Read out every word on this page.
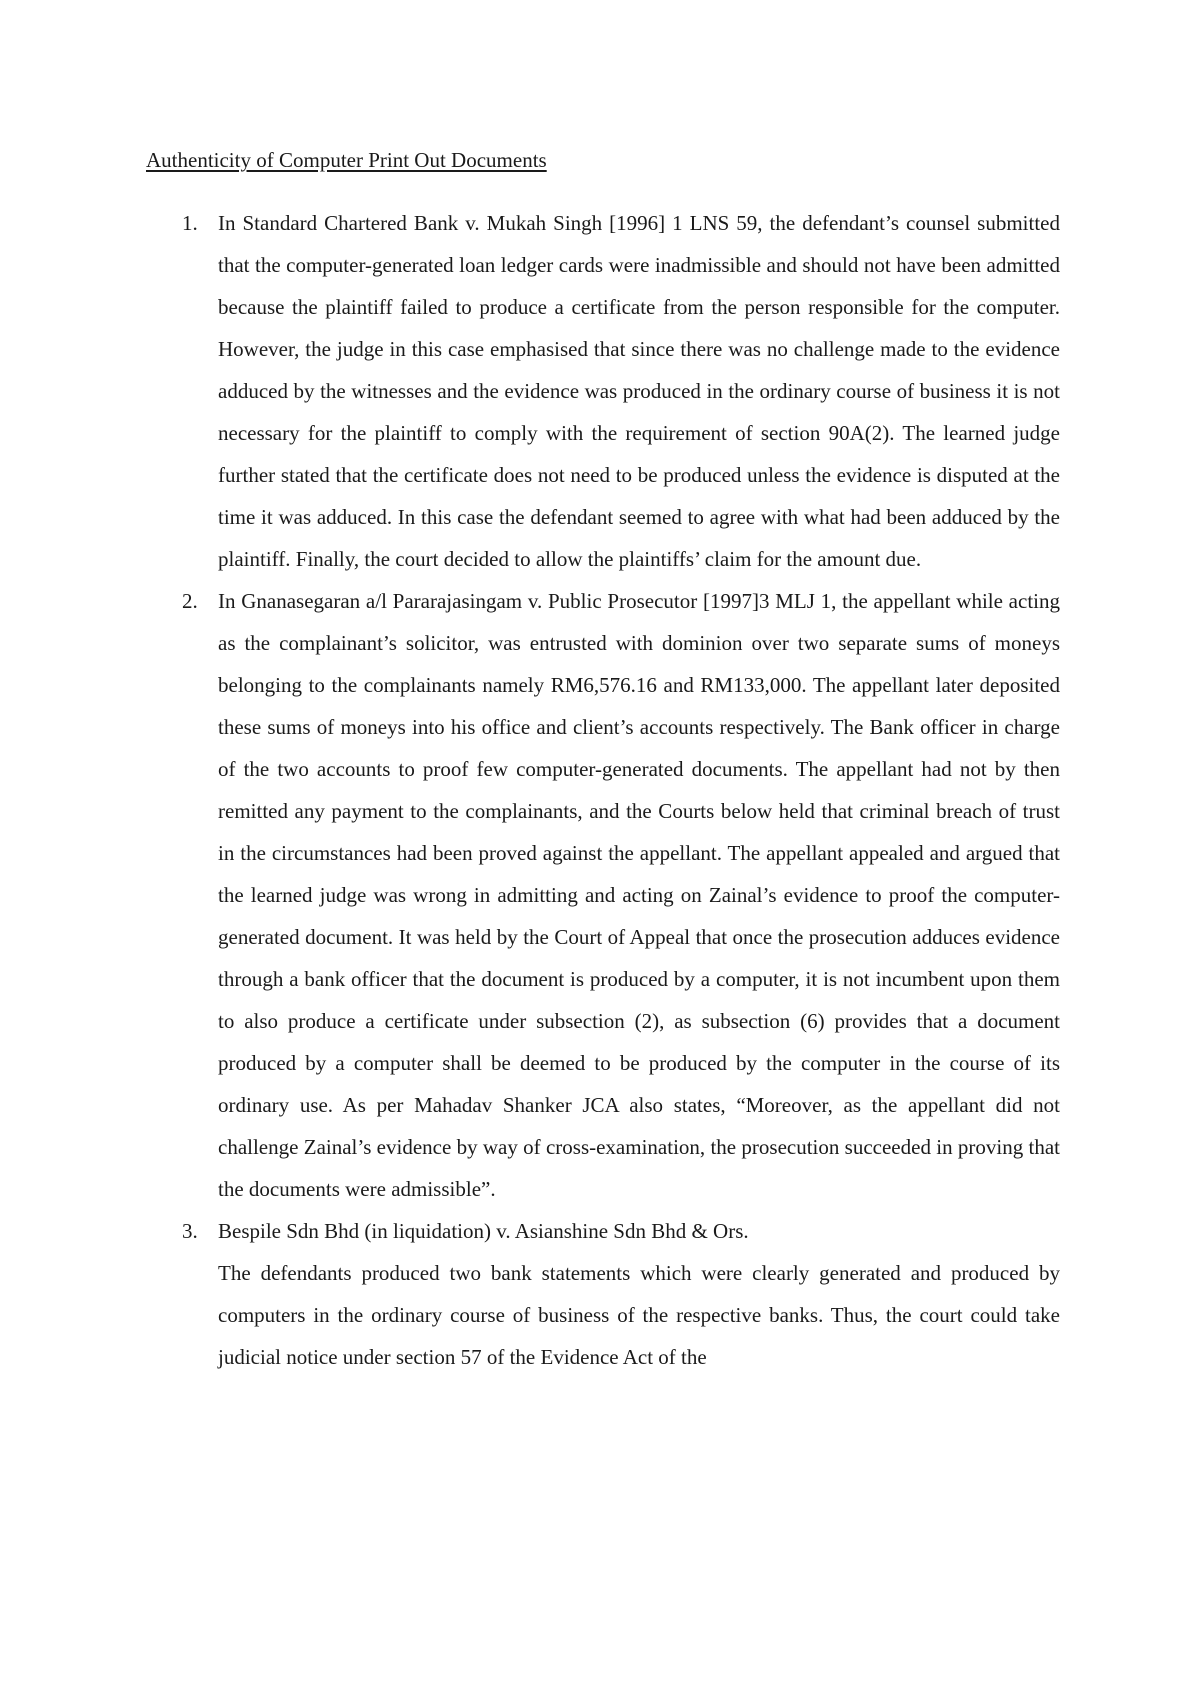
Authenticity of Computer Print Out Documents
1. In Standard Chartered Bank v. Mukah Singh [1996] 1 LNS 59, the defendant’s counsel submitted that the computer-generated loan ledger cards were inadmissible and should not have been admitted because the plaintiff failed to produce a certificate from the person responsible for the computer. However, the judge in this case emphasised that since there was no challenge made to the evidence adduced by the witnesses and the evidence was produced in the ordinary course of business it is not necessary for the plaintiff to comply with the requirement of section 90A(2). The learned judge further stated that the certificate does not need to be produced unless the evidence is disputed at the time it was adduced. In this case the defendant seemed to agree with what had been adduced by the plaintiff. Finally, the court decided to allow the plaintiffs’ claim for the amount due.
2. In Gnanasegaran a/l Pararajasingam v. Public Prosecutor [1997]3 MLJ 1, the appellant while acting as the complainant’s solicitor, was entrusted with dominion over two separate sums of moneys belonging to the complainants namely RM6,576.16 and RM133,000. The appellant later deposited these sums of moneys into his office and client’s accounts respectively. The Bank officer in charge of the two accounts to proof few computer-generated documents. The appellant had not by then remitted any payment to the complainants, and the Courts below held that criminal breach of trust in the circumstances had been proved against the appellant. The appellant appealed and argued that the learned judge was wrong in admitting and acting on Zainal’s evidence to proof the computer-generated document. It was held by the Court of Appeal that once the prosecution adduces evidence through a bank officer that the document is produced by a computer, it is not incumbent upon them to also produce a certificate under subsection (2), as subsection (6) provides that a document produced by a computer shall be deemed to be produced by the computer in the course of its ordinary use. As per Mahadav Shanker JCA also states, “Moreover, as the appellant did not challenge Zainal’s evidence by way of cross-examination, the prosecution succeeded in proving that the documents were admissible”.
3. Bespile Sdn Bhd (in liquidation) v. Asianshine Sdn Bhd & Ors.
The defendants produced two bank statements which were clearly generated and produced by computers in the ordinary course of business of the respective banks. Thus, the court could take judicial notice under section 57 of the Evidence Act of the
